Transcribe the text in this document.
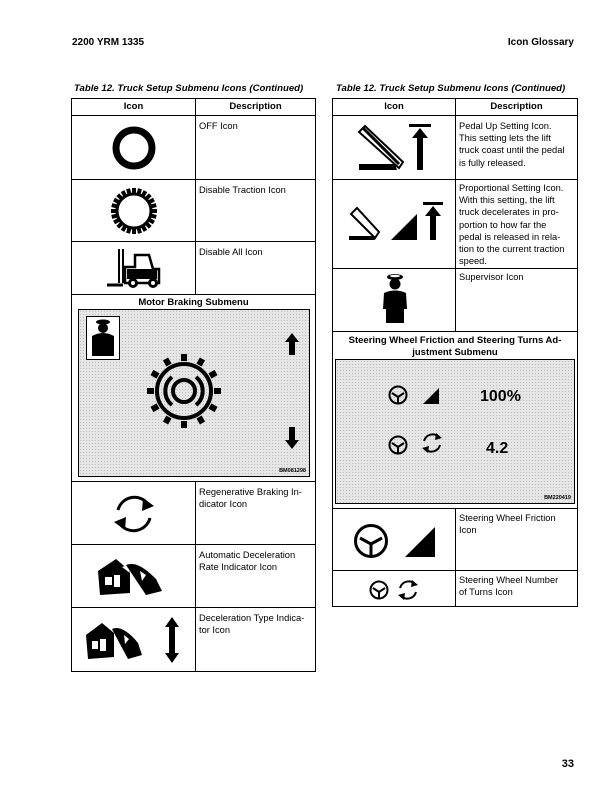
2200 YRM 1335	Icon Glossary
Table 12. Truck Setup Submenu Icons (Continued)	Table 12. Truck Setup Submenu Icons (Continued)
Icon	Description
OFF Icon
Disable Traction Icon
Disable All Icon
Motor Braking Submenu
BM081298
Regenerative Braking In-
dicator Icon
Automatic Deceleration
Rate Indicator Icon
Deceleration Type Indica-
tor Icon
Icon	Description
Pedal Up Setting Icon.
This setting lets the lift
truck coast until the pedal
is fully released.
Proportional Setting Icon.
With this setting, the lift
truck decelerates in pro-
portion to how far the
pedal is released in rela-
tion to the current traction
speed.
Supervisor Icon
Steering Wheel Friction and Steering Turns Ad-
justment Submenu
100%
4.2
BM220419
Steering Wheel Friction
Icon
Steering Wheel Number
of Turns Icon
33
